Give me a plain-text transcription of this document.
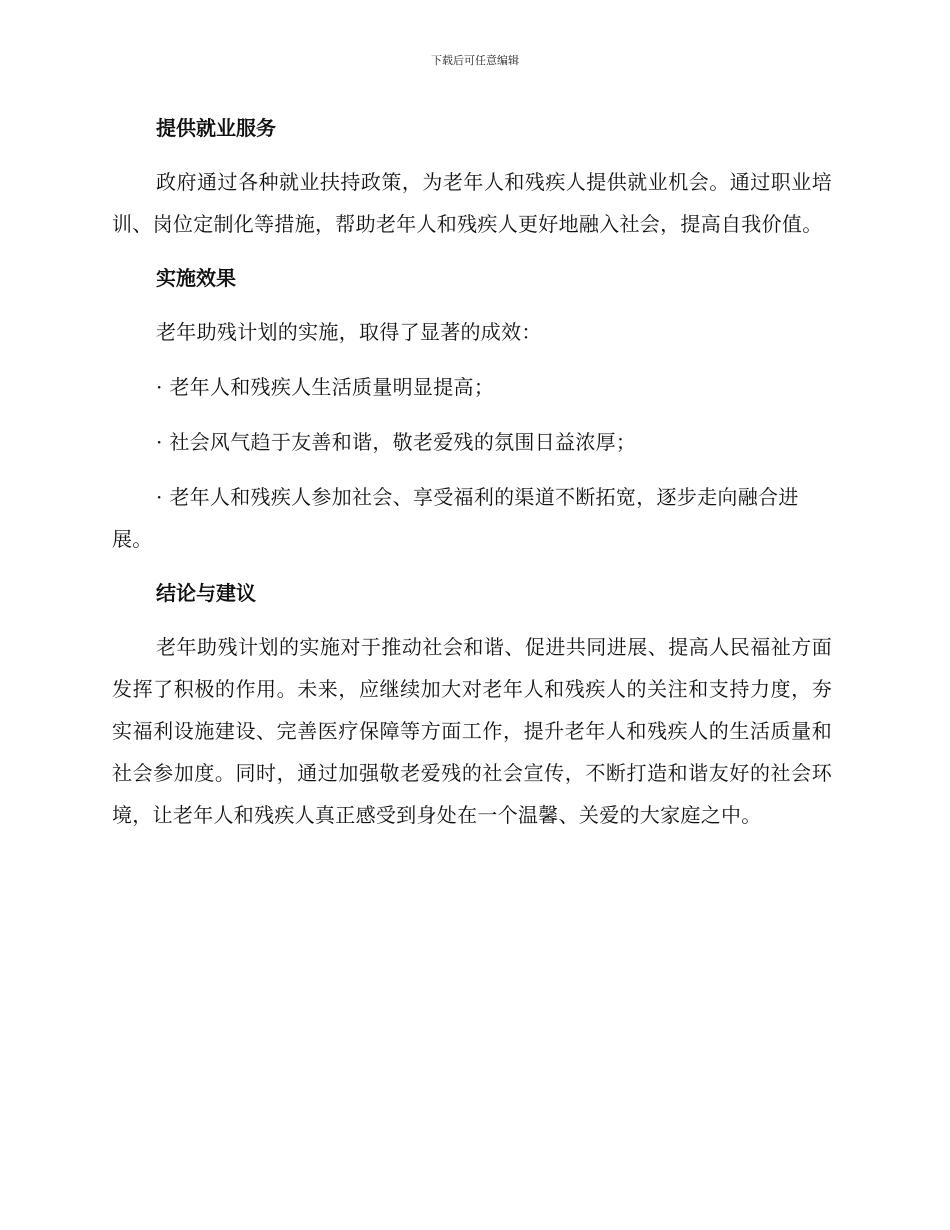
下载后可任意编辑
提供就业服务

政府通过各种就业扶持政策，为老年人和残疾人提供就业机会。通过职业培训、岗位定制化等措施，帮助老年人和残疾人更好地融入社会，提高自我价值。

实施效果

老年助残计划的实施，取得了显著的成效：

· 老年人和残疾人生活质量明显提高；

· 社会风气趋于友善和谐，敬老爱残的氛围日益浓厚；

· 老年人和残疾人参加社会、享受福利的渠道不断拓宽，逐步走向融合进展。

结论与建议

老年助残计划的实施对于推动社会和谐、促进共同进展、提高人民福祉方面发挥了积极的作用。未来，应继续加大对老年人和残疾人的关注和支持力度，夯实福利设施建设、完善医疗保障等方面工作，提升老年人和残疾人的生活质量和社会参加度。同时，通过加强敬老爱残的社会宣传，不断打造和谐友好的社会环境，让老年人和残疾人真正感受到身处在一个温馨、关爱的大家庭之中。
